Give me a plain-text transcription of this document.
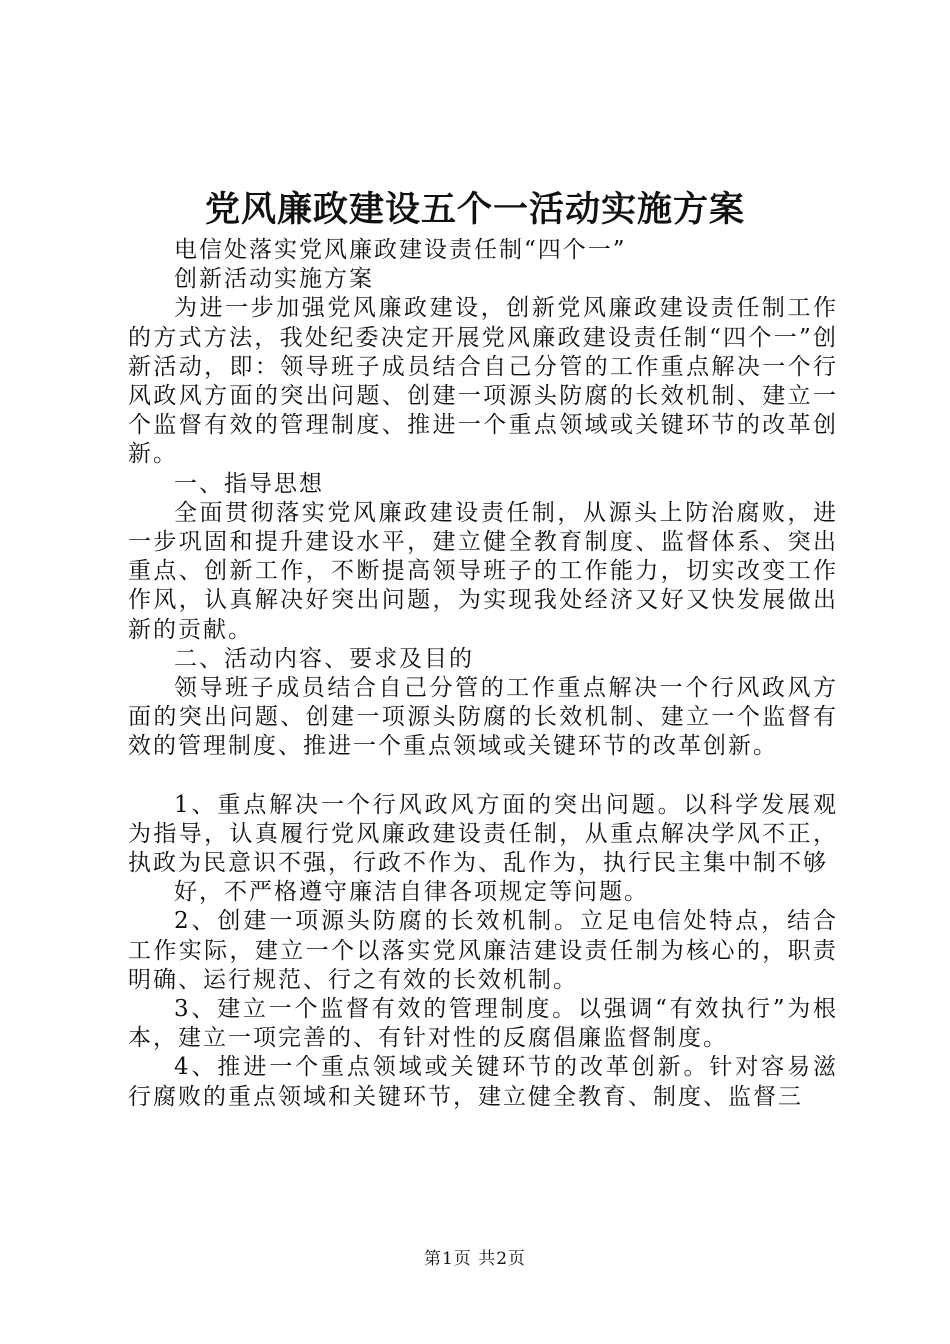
党风廉政建设五个一活动实施方案

电信处落实党风廉政建设责任制“四个一”

创新活动实施方案

为进一步加强党风廉政建设，创新党风廉政建设责任制工作的方式方法，我处纪委决定开展党风廉政建设责任制“四个一”创新活动，即：领导班子成员结合自己分管的工作重点解决一个行风政风方面的突出问题、创建一项源头防腐的长效机制、建立一个监督有效的管理制度、推进一个重点领域或关键环节的改革创新。

一、指导思想

全面贯彻落实党风廉政建设责任制，从源头上防治腐败，进一步巩固和提升建设水平，建立健全教育制度、监督体系、突出重点、创新工作，不断提高领导班子的工作能力，切实改变工作作风，认真解决好突出问题，为实现我处经济又好又快发展做出新的贡献。

二、活动内容、要求及目的

领导班子成员结合自己分管的工作重点解决一个行风政风方面的突出问题、创建一项源头防腐的长效机制、建立一个监督有效的管理制度、推进一个重点领域或关键环节的改革创新。

1、重点解决一个行风政风方面的突出问题。以科学发展观为指导，认真履行党风廉政建设责任制，从重点解决学风不正，执政为民意识不强，行政不作为、乱作为，执行民主集中制不够

好，不严格遵守廉洁自律各项规定等问题。

2、创建一项源头防腐的长效机制。立足电信处特点，结合工作实际，建立一个以落实党风廉洁建设责任制为核心的，职责明确、运行规范、行之有效的长效机制。

3、建立一个监督有效的管理制度。以强调“有效执行”为根本，建立一项完善的、有针对性的反腐倡廉监督制度。

4、推进一个重点领域或关键环节的改革创新。针对容易滋行腐败的重点领域和关键环节，建立健全教育、制度、监督三

第1页 共2页
